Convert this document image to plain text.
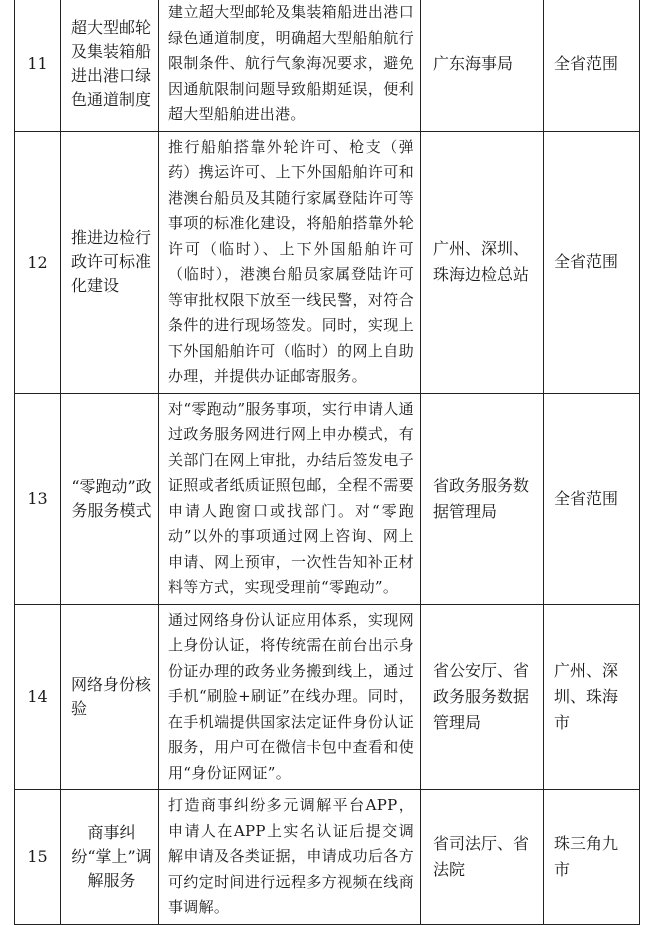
11	超大型邮轮及集装箱船进出港口绿色通道制度	建立超大型邮轮及集装箱船进出港口绿色通道制度，明确超大型船舶航行限制条件、航行气象海况要求，避免因通航限制问题导致船期延误，便利超大型船舶进出港。	广东海事局	全省范围
12	推进边检行政许可标准化建设	推行船舶搭靠外轮许可、枪支（弹药）携运许可、上下外国船舶许可和港澳台船员及其随行家属登陆许可等事项的标准化建设，将船舶搭靠外轮许可（临时）、上下外国船舶许可（临时），港澳台船员家属登陆许可等审批权限下放至一线民警，对符合条件的进行现场签发。同时，实现上下外国船舶许可（临时）的网上自助办理，并提供办证邮寄服务。	广州、深圳、珠海边检总站	全省范围
13	“零跑动”政务服务模式	对“零跑动”服务事项，实行申请人通过政务服务网进行网上申办模式，有关部门在网上审批，办结后签发电子证照或者纸质证照包邮，全程不需要申请人跑窗口或找部门。对“零跑动”以外的事项通过网上咨询、网上申请、网上预审，一次性告知补正材料等方式，实现受理前“零跑动”。	省政务服务数据管理局	全省范围
14	网络身份核验	通过网络身份认证应用体系，实现网上身份认证，将传统需在前台出示身份证办理的政务业务搬到线上，通过手机“刷脸+刷证”在线办理。同时，在手机端提供国家法定证件身份认证服务，用户可在微信卡包中查看和使用“身份证网证”。	省公安厅、省政务服务数据管理局	广州、深圳、珠海市
15	商事纠纷“掌上”调解服务	打造商事纠纷多元调解平台APP，申请人在APP上实名认证后提交调解申请及各类证据，申请成功后各方可约定时间进行远程多方视频在线商事调解。	省司法厅、省法院	珠三角九市
